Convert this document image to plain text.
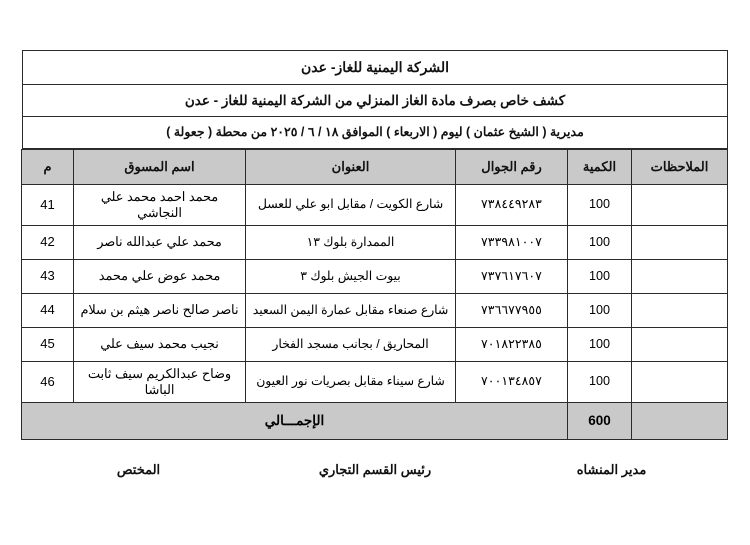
الشركة اليمنية للغاز- عدن
كشف خاص بصرف مادة الغاز المنزلي من الشركة اليمنية للغاز - عدن
مديرية ( الشيخ عثمان ) ليوم ( الاربعاء ) الموافق ١٨ / ٦ / ٢٠٢٥ من محطة ( جعولة )
الملاحظات	الكمية	رقم الجوال	العنوان	اسم المسوق	م
	100	٧٣٨٤٤٩٢٨٣	شارع الكويت / مقابل ابو علي للعسل	محمد احمد محمد علي النجاشي	41
	100	٧٣٣٩٨١٠٠٧	الممدارة بلوك ١٣	محمد علي عبدالله ناصر	42
	100	٧٣٧٦١٧٦٠٧	بيوت الجيش بلوك ٣	محمد عوض علي محمد	43
	100	٧٣٦٦٧٧٩٥٥	شارع صنعاء مقابل عمارة اليمن السعيد	ناصر صالح ناصر هيثم بن سلام	44
	100	٧٠١٨٢٢٣٨٥	المحاريق / بجانب مسجد الفخار	نجيب محمد سيف علي	45
	100	٧٠٠١٣٤٨٥٧	شارع سيناء مقابل بصريات نور العيون	وضاح عبدالكريم سيف ثابت الباشا	46
	600	الإجمـــالي			
مدير المنشاه
رئيس القسم التجاري
المختص
